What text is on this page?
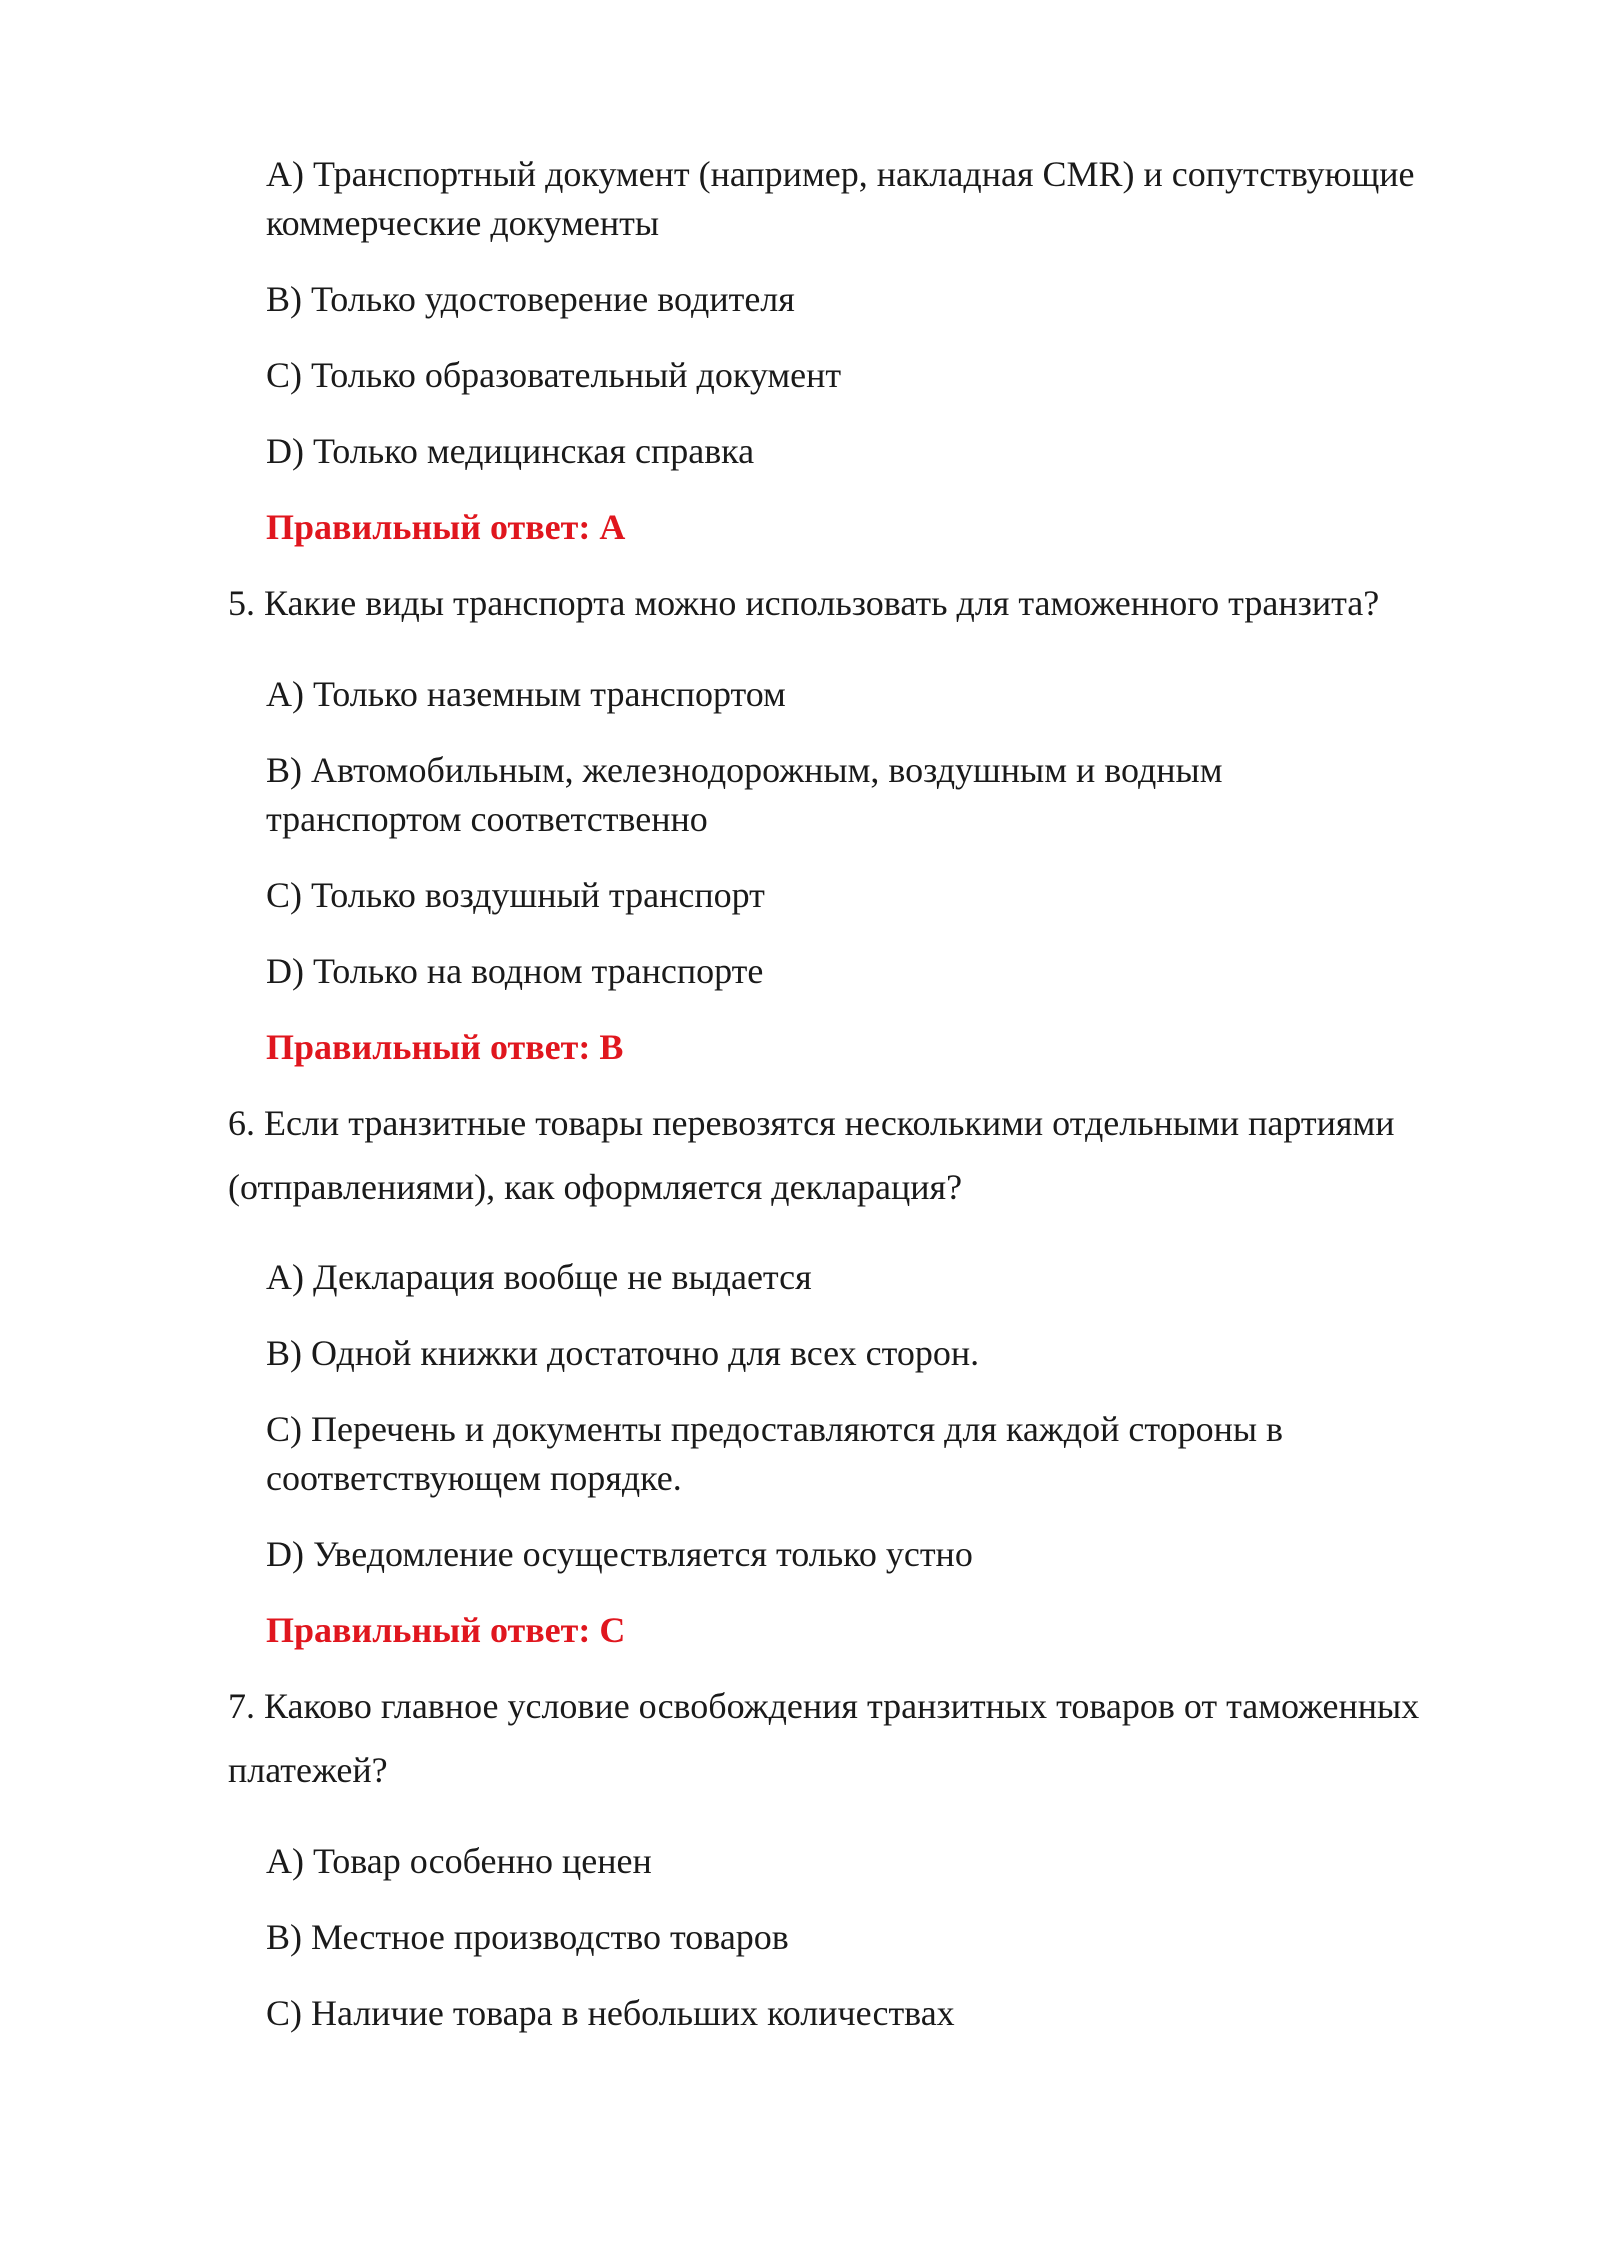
A) Транспортный документ (например, накладная CMR) и сопутствующие
коммерческие документы
B) Только удостоверение водителя
C) Только образовательный документ
D) Только медицинская справка
Правильный ответ: A
5. Какие виды транспорта можно использовать для таможенного транзита?
A) Только наземным транспортом
B) Автомобильным, железнодорожным, воздушным и водным
транспортом соответственно
C) Только воздушный транспорт
D) Только на водном транспорте
Правильный ответ: B
6. Если транзитные товары перевозятся несколькими отдельными партиями
(отправлениями), как оформляется декларация?
A) Декларация вообще не выдается
B) Одной книжки достаточно для всех сторон.
C) Перечень и документы предоставляются для каждой стороны в
соответствующем порядке.
D) Уведомление осуществляется только устно
Правильный ответ: C
7. Каково главное условие освобождения транзитных товаров от таможенных
платежей?
A) Товар особенно ценен
B) Местное производство товаров
C) Наличие товара в небольших количествах
